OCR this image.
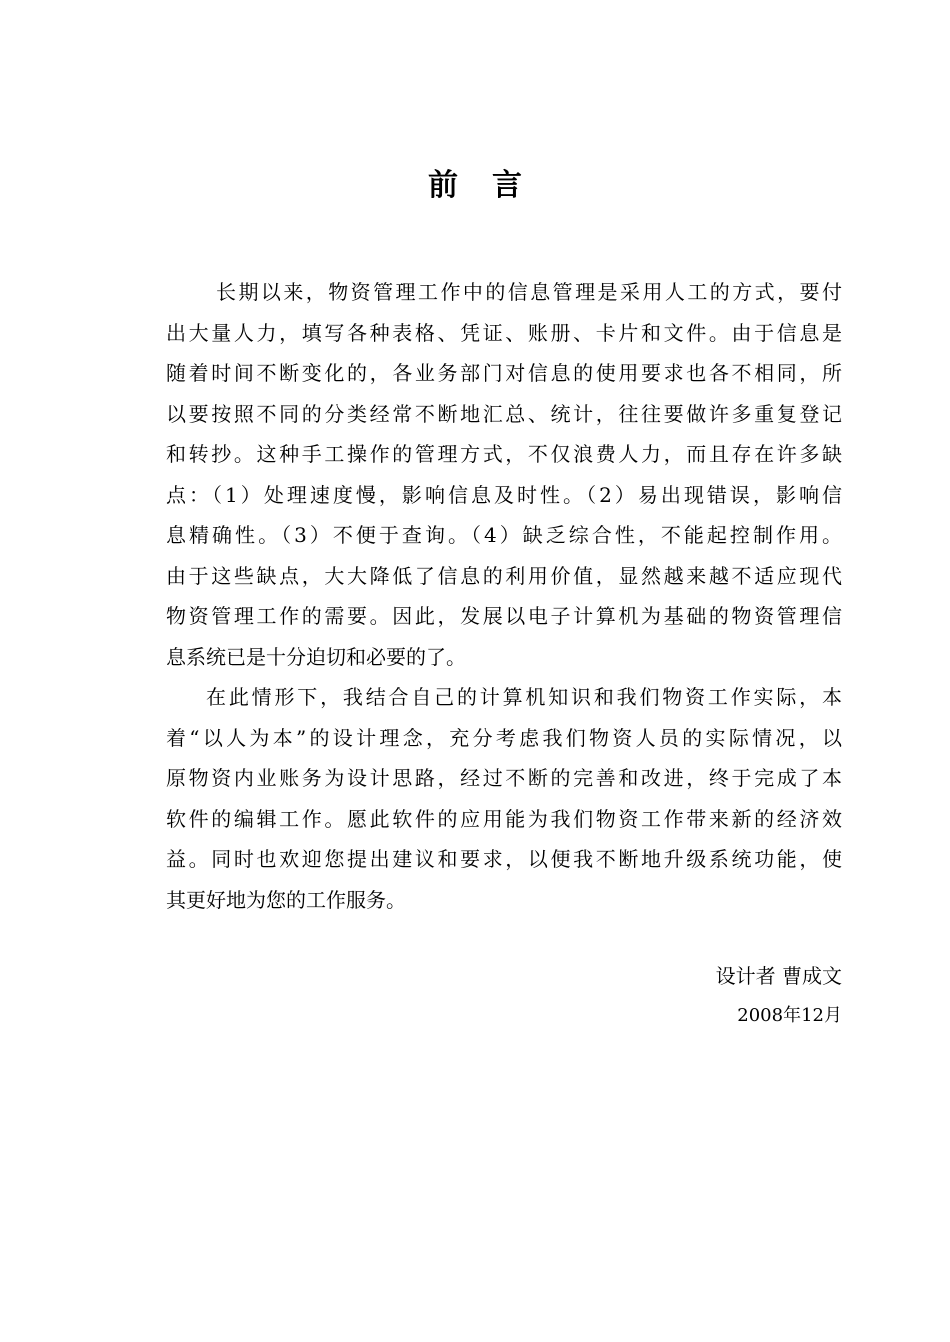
前 言
长期以来，物资管理工作中的信息管理是采用人工的方式，要付
出大量人力，填写各种表格、凭证、账册、卡片和文件。由于信息是
随着时间不断变化的，各业务部门对信息的使用要求也各不相同，所
以要按照不同的分类经常不断地汇总、统计，往往要做许多重复登记
和转抄。这种手工操作的管理方式，不仅浪费人力，而且存在许多缺
点：（1）处理速度慢，影响信息及时性。（2）易出现错误，影响信
息精确性。（3）不便于查询。（4）缺乏综合性，不能起控制作用。
由于这些缺点，大大降低了信息的利用价值，显然越来越不适应现代
物资管理工作的需要。因此，发展以电子计算机为基础的物资管理信
息系统已是十分迫切和必要的了。
在此情形下，我结合自己的计算机知识和我们物资工作实际，本
着“以人为本”的设计理念，充分考虑我们物资人员的实际情况，以
原物资内业账务为设计思路，经过不断的完善和改进，终于完成了本
软件的编辑工作。愿此软件的应用能为我们物资工作带来新的经济效
益。同时也欢迎您提出建议和要求，以便我不断地升级系统功能，使
其更好地为您的工作服务。
设计者 曹成文
2008年12月
